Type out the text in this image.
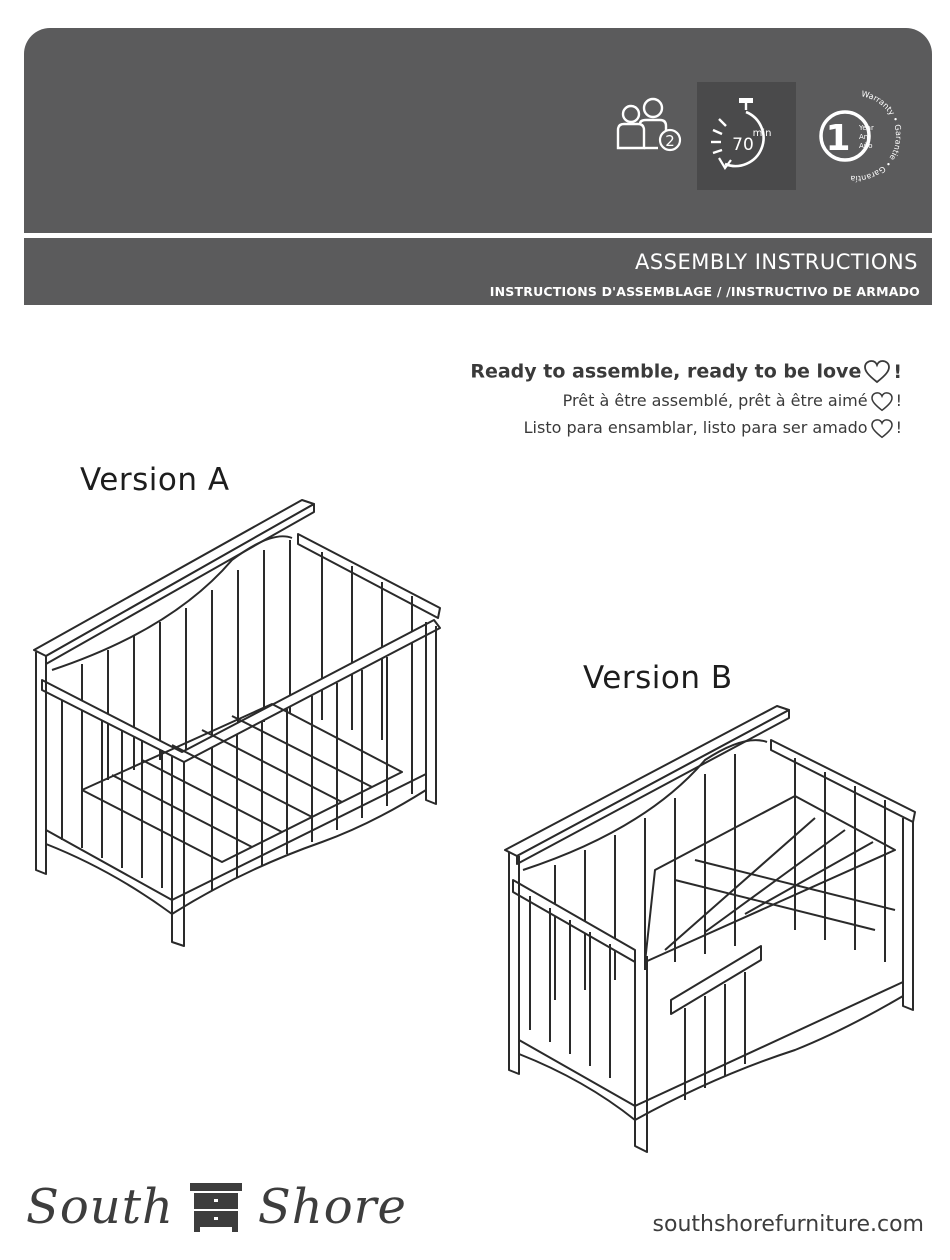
2	70
min 1 Year
An
Año
Warranty • Garantie • Garantía
ASSEMBLY INSTRUCTIONS
INSTRUCTIONS D'ASSEMBLAGE / /INSTRUCTIVO DE ARMADO
Ready to assemble, ready to be love !
Prêt à être assemblé, prêt à être aimé !
Listo para ensamblar, listo para ser amado !
Version A
Version B
South Shore	southshorefurniture.com
